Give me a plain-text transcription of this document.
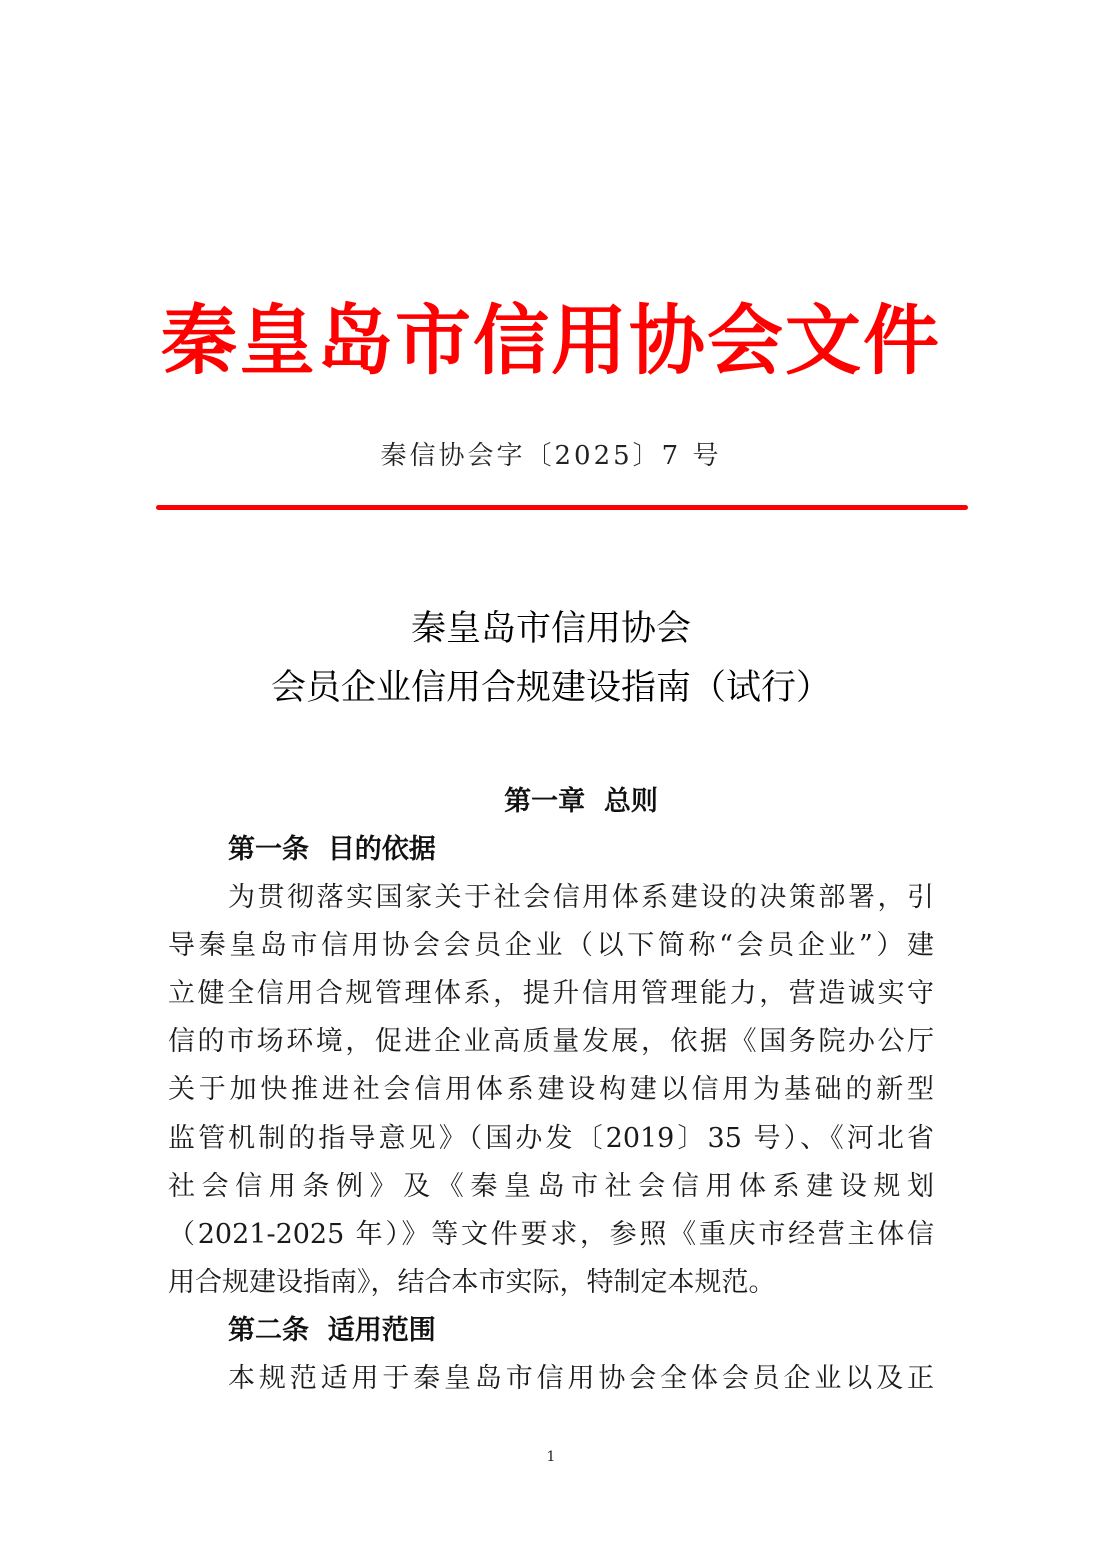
秦皇岛市信用协会文件
秦信协会字〔2025〕7 号
秦皇岛市信用协会
会员企业信用合规建设指南（试行）
第一章  总则
第一条  目的依据
为贯彻落实国家关于社会信用体系建设的决策部署，引
导秦皇岛市信用协会会员企业（以下简称“会员企业”）建
立健全信用合规管理体系，提升信用管理能力，营造诚实守
信的市场环境，促进企业高质量发展，依据《国务院办公厅
关于加快推进社会信用体系建设构建以信用为基础的新型
监管机制的指导意见》（国办发〔2019〕35 号）、《河北省
社会信用条例》及《秦皇岛市社会信用体系建设规划
（2021-2025 年）》等文件要求，参照《重庆市经营主体信
用合规建设指南》，结合本市实际，特制定本规范。
第二条  适用范围
本规范适用于秦皇岛市信用协会全体会员企业以及正
1
